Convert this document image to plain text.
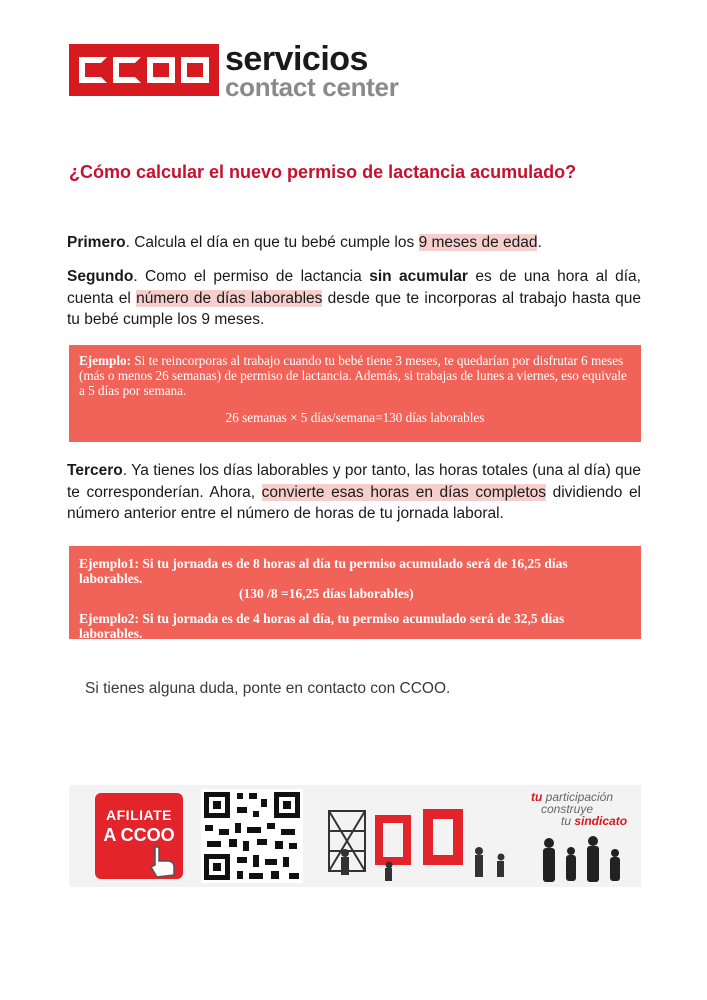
servicios
contact center
¿Cómo calcular el nuevo permiso de lactancia acumulado?
Primero. Calcula el día en que tu bebé cumple los 9 meses de edad.
Segundo. Como el permiso de lactancia sin acumular es de una hora al día, cuenta el número de días laborables desde que te incorporas al trabajo hasta que tu bebé cumple los 9 meses.
Ejemplo: Si te reincorporas al trabajo cuando tu bebé tiene 3 meses, te quedarían por disfrutar 6 meses (más o menos 26 semanas) de permiso de lactancia. Además, si trabajas de lunes a viernes, eso equivale a 5 días por semana.
26 semanas × 5 días/semana=130 días laborables
Tercero. Ya tienes los días laborables y por tanto, las horas totales (una al día) que te corresponderían. Ahora, convierte esas horas en días completos dividiendo el número anterior entre el número de horas de tu jornada laboral.
Ejemplo1: Si tu jornada es de 8 horas al día tu permiso acumulado será de 16,25 días laborables.
(130 /8 =16,25 días laborables)
Ejemplo2: Si tu jornada es de 4 horas al día, tu permiso acumulado será de 32,5 días laborables.
(130/4 = 32,5 días laborables)
Si tienes alguna duda, ponte en contacto con CCOO.
AFILIATE
A CCOO
tu participación
construye
tu sindicato
